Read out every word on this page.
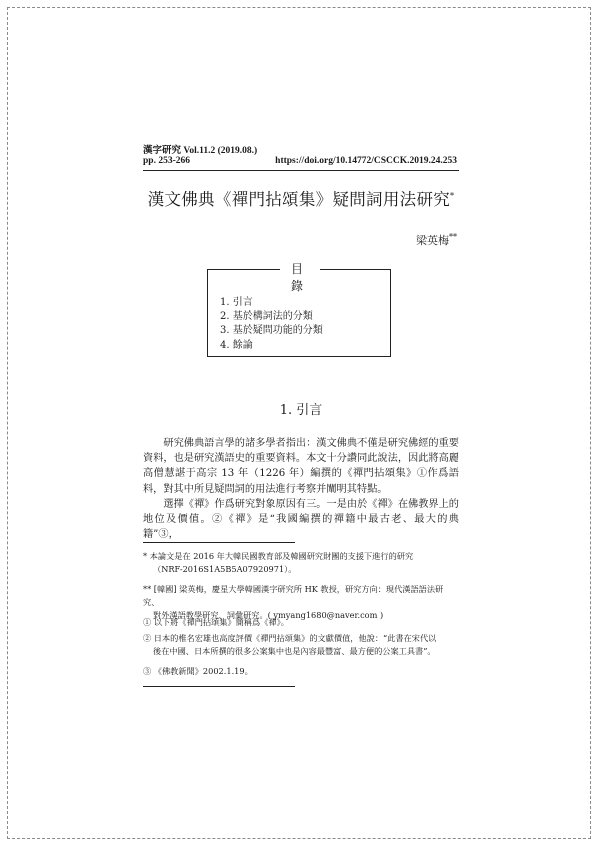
漢字研究 Vol.11.2 (2019.08.)
pp. 253-266	https://doi.org/10.14772/CSCCK.2019.24.253
漢文佛典《禪門拈頌集》疑問詞用法研究*
梁英梅**
目 錄
1. 引言
2. 基於構詞法的分類
3. 基於疑問功能的分類
4. 餘論
1. 引言

研究佛典語言學的諸多學者指出：漢文佛典不僅是研究佛經的重要資料，也是研究漢語史的重要資料。本文十分讚同此說法，因此將高麗高僧慧諶于高宗 13 年（1226 年）編撰的《禪門拈頌集》①作爲語料，對其中所見疑問詞的用法進行考察并闡明其特點。

選擇《禪》作爲研究對象原因有三。一是由於《禪》在佛教界上的地位及價值。②《禪》是“我國編撰的禪籍中最古老、最大的典籍”③，

* 本論文是在 2016 年大韓民國教育部及韓國研究財團的支援下進行的研究
（NRF-2016S1A5B5A07920971）。
** [韓國] 梁英梅，慶星大學韓國漢字研究所 HK 教授，研究方向：現代漢語語法研究、
對外漢語教學研究、詞彙研究。( ymyang1680@naver.com )
① 以下將《禪門拈頌集》簡稱爲《禪》。
② 日本的椎名宏雄也高度評價《禪門拈頌集》的文獻價值，他說：“此書在宋代以
後在中國、日本所撰的很多公案集中也是內容最豐富、最方便的公案工具書”。
③ 《佛教新聞》2002.1.19。
